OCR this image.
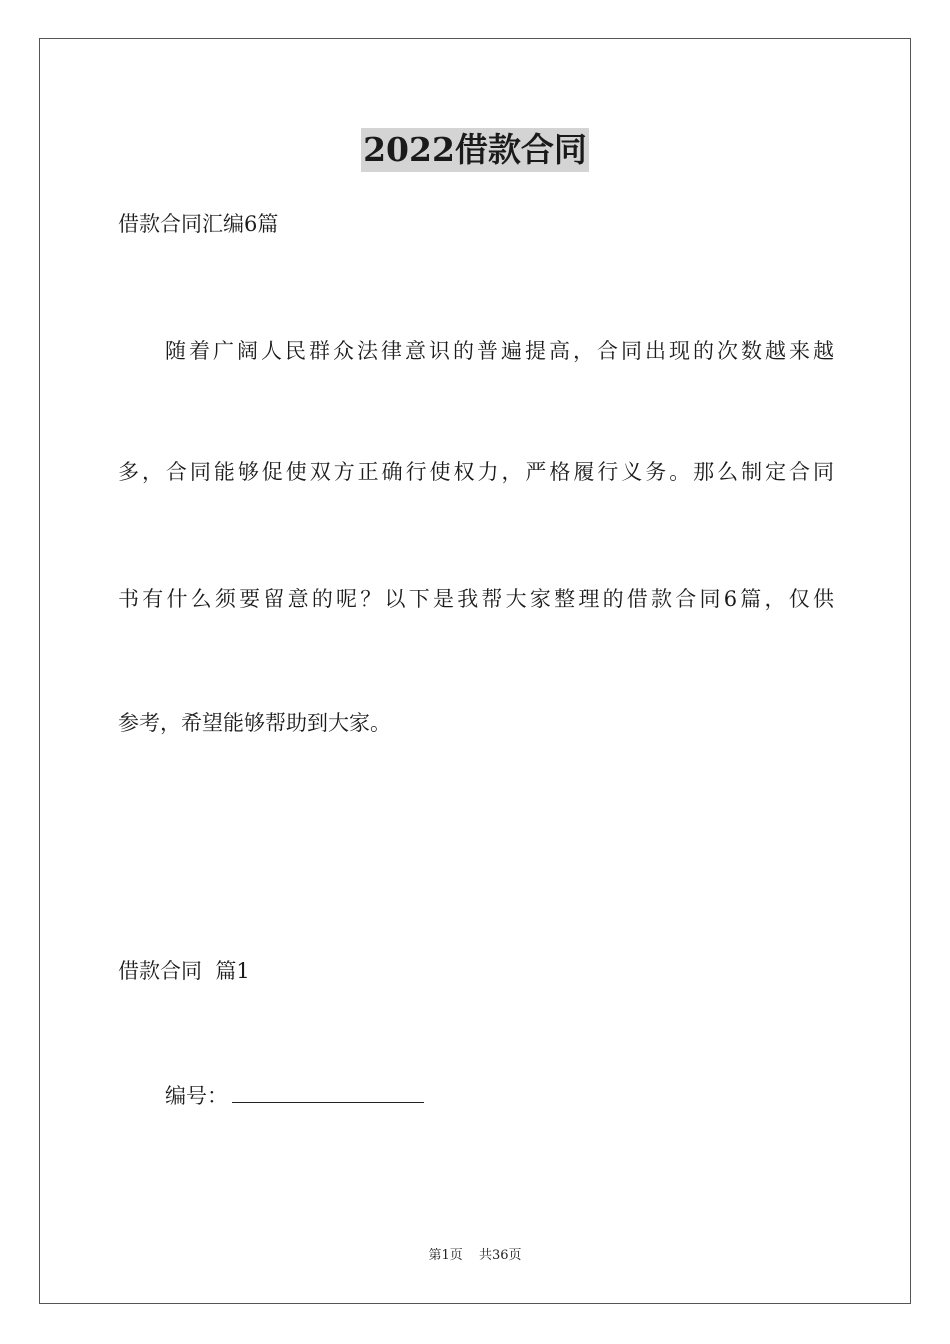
2022借款合同

借款合同汇编6篇

随着广阔人民群众法律意识的普遍提高，合同出现的次数越来越

多，合同能够促使双方正确行使权力，严格履行义务。那么制定合同

书有什么须要留意的呢？以下是我帮大家整理的借款合同6篇，仅供

参考，希望能够帮助到大家。

借款合同  篇1

编号：

第1页 共36页
